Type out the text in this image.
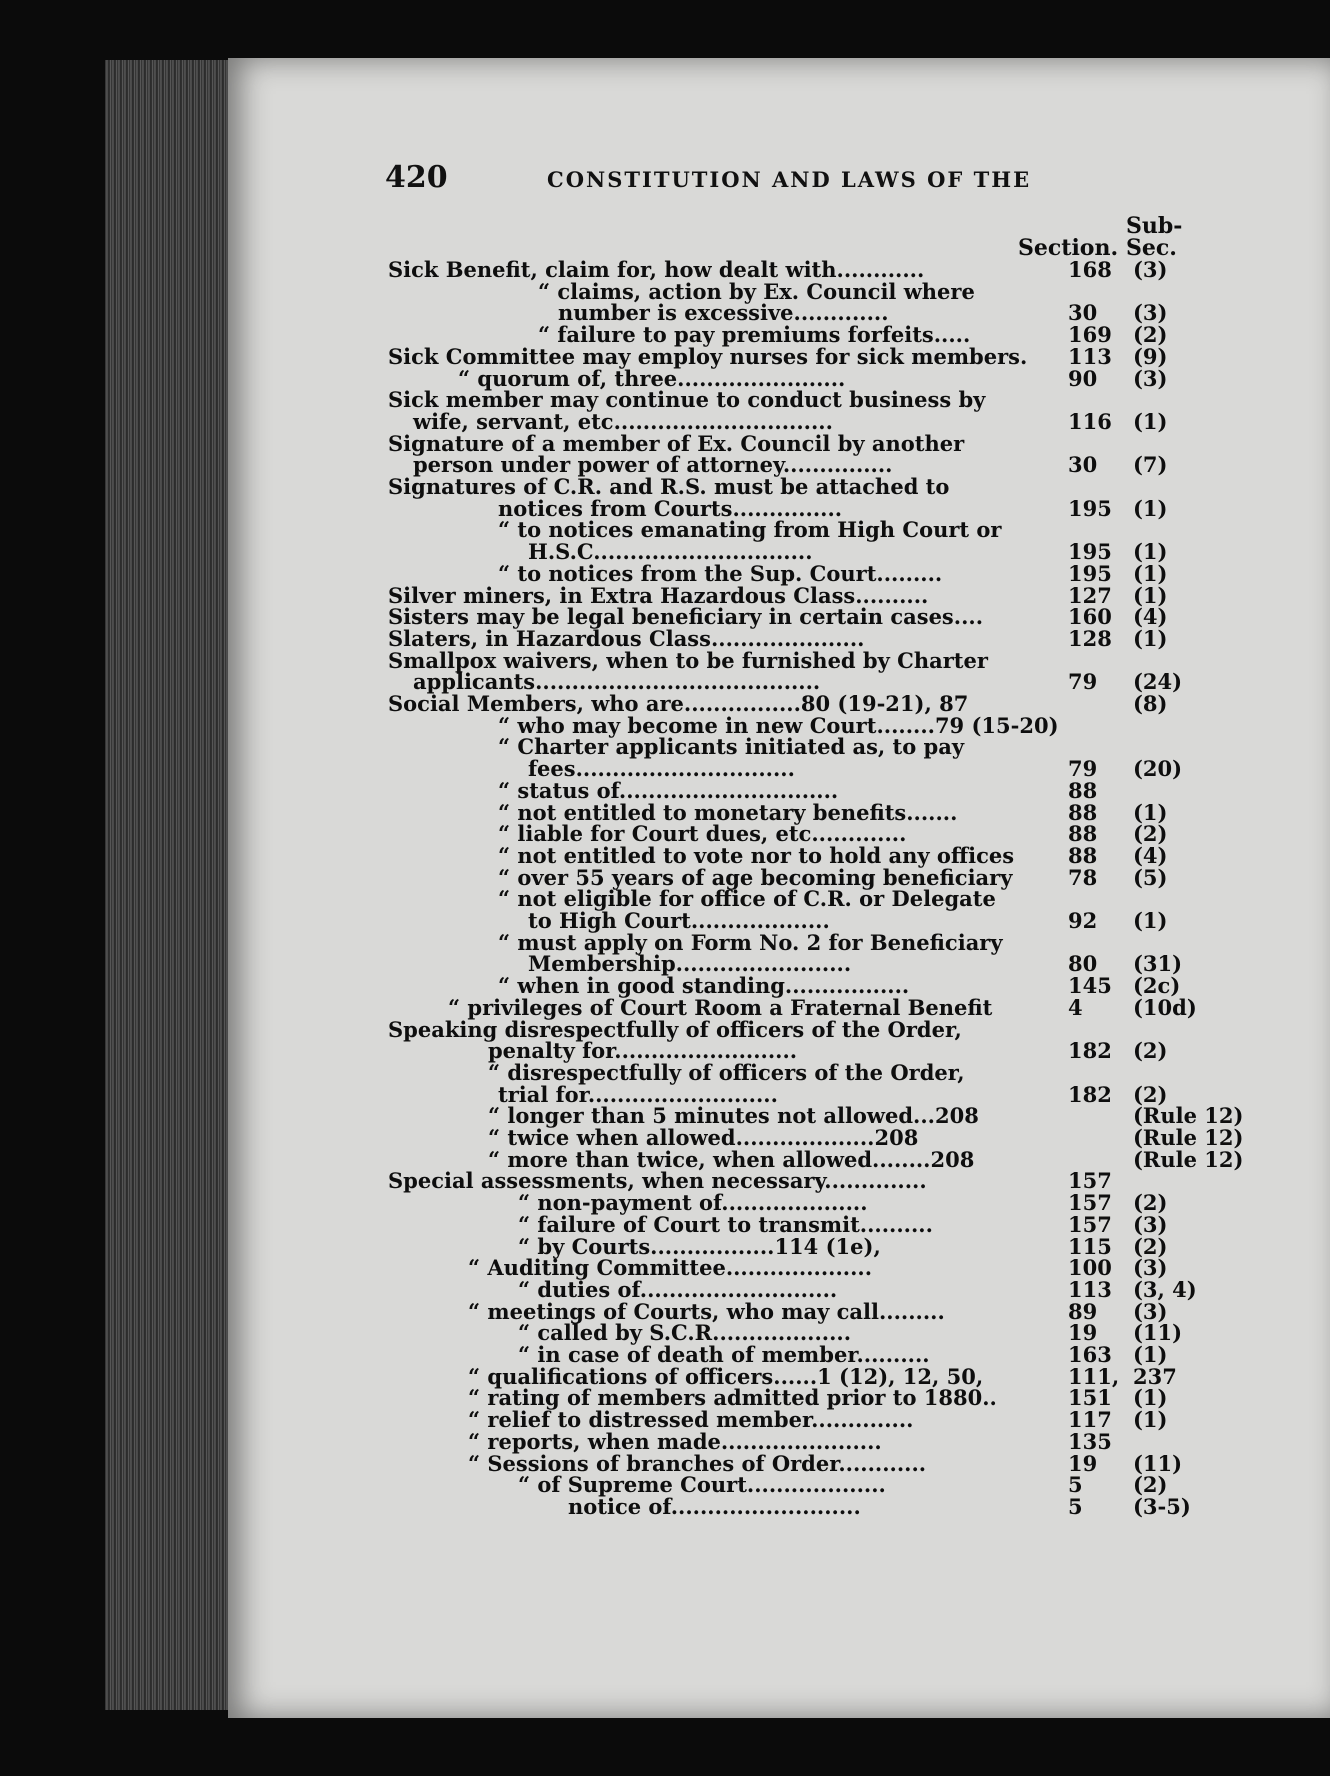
420	CONSTITUTION AND LAWS OF THE
Sub-
Section. Sec.
Sick Benefit, claim for, how dealt with............	168 (3)
“ claims, action by Ex. Council where
number is excessive.............	30 (3)
“ failure to pay premiums forfeits.....	169 (2)
Sick Committee may employ nurses for sick members. 113 (9)
“ quorum of, three.......................	90 (3)
Sick member may continue to conduct business by
wife, servant, etc..............................	116 (1)
Signature of a member of Ex. Council by another
person under power of attorney...............	30 (7)
Signatures of C.R. and R.S. must be attached to
notices from Courts...............	195 (1)
“ to notices emanating from High Court or
H.S.C..............................	195 (1)
“ to notices from the Sup. Court.........	195 (1)
Silver miners, in Extra Hazardous Class..........	127 (1)
Sisters may be legal beneficiary in certain cases....	160 (4)
Slaters, in Hazardous Class.....................	128 (1)
Smallpox waivers, when to be furnished by Charter
applicants.......................................	79 (24)
Social Members, who are................80 (19-21), 87	(8)
“ who may become in new Court........79 (15-20)
“ Charter applicants initiated as, to pay
fees..............................	79 (20)
“ status of..............................	88
“ not entitled to monetary benefits.......	88 (1)
“ liable for Court dues, etc.............	88 (2)
“ not entitled to vote nor to hold any offices	88 (4)
“ over 55 years of age becoming beneficiary	78 (5)
“ not eligible for office of C.R. or Delegate
to High Court...................	92 (1)
“ must apply on Form No. 2 for Beneficiary
Membership........................	80 (31)
“ when in good standing.................	145 (2c)
“ privileges of Court Room a Fraternal Benefit	4 (10d)
Speaking disrespectfully of officers of the Order,
penalty for.........................	182 (2)
“ disrespectfully of officers of the Order,
trial for..........................	182 (2)
“ longer than 5 minutes not allowed...208	(Rule 12)
“ twice when allowed...................208	(Rule 12)
“ more than twice, when allowed........208	(Rule 12)
Special assessments, when necessary..............	157
“ non-payment of....................	157 (2)
“ failure of Court to transmit..........	157 (3)
“ by Courts.................114 (1e),	115 (2)
“ Auditing Committee....................	100 (3)
“ duties of...........................	113 (3, 4)
“ meetings of Courts, who may call.........	89 (3)
“ called by S.C.R...................	19 (11)
“ in case of death of member..........	163 (1)
“ qualifications of officers......1 (12), 12, 50,	111, 237
“ rating of members admitted prior to 1880..	151 (1)
“ relief to distressed member..............	117 (1)
“ reports, when made......................	135
“ Sessions of branches of Order............	19 (11)
“ of Supreme Court...................	5 (2)
notice of..........................	5 (3-5)
